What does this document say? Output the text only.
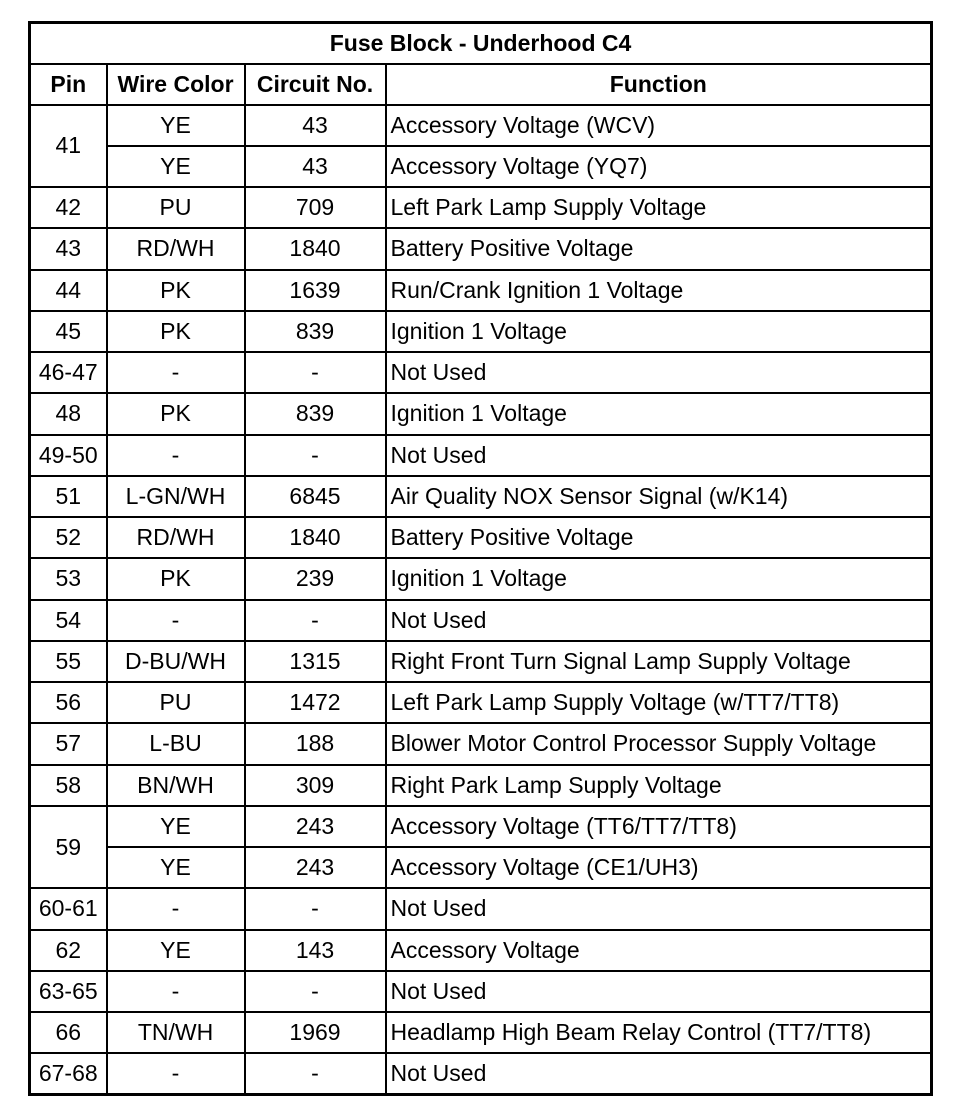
Fuse Block - Underhood C4			
Pin	Wire Color	Circuit No.	Function
41	YE	43	Accessory Voltage (WCV)
	YE	43	Accessory Voltage (YQ7)
42	PU	709	Left Park Lamp Supply Voltage
43	RD/WH	1840	Battery Positive Voltage
44	PK	1639	Run/Crank Ignition 1 Voltage
45	PK	839	Ignition 1 Voltage
46-47	-	-	Not Used
48	PK	839	Ignition 1 Voltage
49-50	-	-	Not Used
51	L-GN/WH	6845	Air Quality NOX Sensor Signal (w/K14)
52	RD/WH	1840	Battery Positive Voltage
53	PK	239	Ignition 1 Voltage
54	-	-	Not Used
55	D-BU/WH	1315	Right Front Turn Signal Lamp Supply Voltage
56	PU	1472	Left Park Lamp Supply Voltage (w/TT7/TT8)
57	L-BU	188	Blower Motor Control Processor Supply Voltage
58	BN/WH	309	Right Park Lamp Supply Voltage
59	YE	243	Accessory Voltage (TT6/TT7/TT8)
	YE	243	Accessory Voltage (CE1/UH3)
60-61	-	-	Not Used
62	YE	143	Accessory Voltage
63-65	-	-	Not Used
66	TN/WH	1969	Headlamp High Beam Relay Control (TT7/TT8)
67-68	-	-	Not Used
